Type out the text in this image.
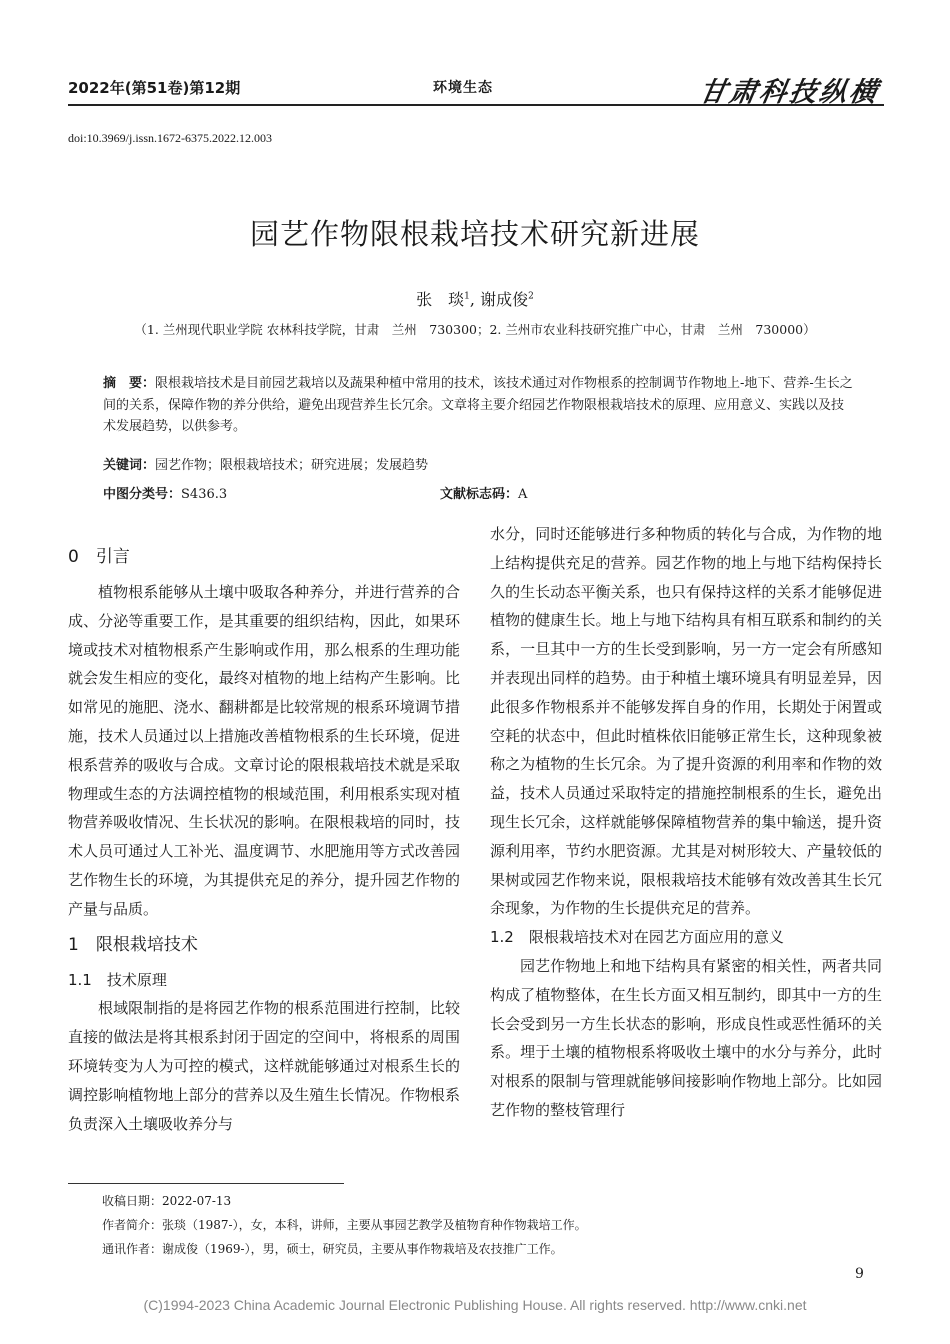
2022年(第51卷)第12期	环境生态	甘肃科技纵横
doi:10.3969/j.issn.1672-6375.2022.12.003
园艺作物限根栽培技术研究新进展
张　琰$^1$, 谢成俊$^2$
（1. 兰州现代职业学院 农林科技学院，甘肃　兰州　730300；2. 兰州市农业科技研究推广中心，甘肃　兰州　730000）
摘　要：限根栽培技术是目前园艺栽培以及蔬果种植中常用的技术，该技术通过对作物根系的控制调节作物地上-地下、营养-生长之间的关系，保障作物的养分供给，避免出现营养生长冗余。文章将主要介绍园艺作物限根栽培技术的原理、应用意义、实践以及技术发展趋势，以供参考。
关键词：园艺作物；限根栽培技术；研究进展；发展趋势
中图分类号：S436.3	文献标志码：A

0　引言

植物根系能够从土壤中吸取各种养分，并进行营养的合成、分泌等重要工作，是其重要的组织结构，因此，如果环境或技术对植物根系产生影响或作用，那么根系的生理功能就会发生相应的变化，最终对植物的地上结构产生影响。比如常见的施肥、浇水、翻耕都是比较常规的根系环境调节措施，技术人员通过以上措施改善植物根系的生长环境，促进根系营养的吸收与合成。文章讨论的限根栽培技术就是采取物理或生态的方法调控植物的根域范围，利用根系实现对植物营养吸收情况、生长状况的影响。在限根栽培的同时，技术人员可通过人工补光、温度调节、水肥施用等方式改善园艺作物生长的环境，为其提供充足的养分，提升园艺作物的产量与品质。

1　限根栽培技术

1.1　技术原理

根域限制指的是将园艺作物的根系范围进行控制，比较直接的做法是将其根系封闭于固定的空间中，将根系的周围环境转变为人为可控的模式，这样就能够通过对根系生长的调控影响植物地上部分的营养以及生殖生长情况。作物根系负责深入土壤吸收养分与

水分，同时还能够进行多种物质的转化与合成，为作物的地上结构提供充足的营养。园艺作物的地上与地下结构保持长久的生长动态平衡关系，也只有保持这样的关系才能够促进植物的健康生长。地上与地下结构具有相互联系和制约的关系，一旦其中一方的生长受到影响，另一方一定会有所感知并表现出同样的趋势。由于种植土壤环境具有明显差异，因此很多作物根系并不能够发挥自身的作用，长期处于闲置或空耗的状态中，但此时植株依旧能够正常生长，这种现象被称之为植物的生长冗余。为了提升资源的利用率和作物的效益，技术人员通过采取特定的措施控制根系的生长，避免出现生长冗余，这样就能够保障植物营养的集中输送，提升资源利用率，节约水肥资源。尤其是对树形较大、产量较低的果树或园艺作物来说，限根栽培技术能够有效改善其生长冗余现象，为作物的生长提供充足的营养。

1.2　限根栽培技术对在园艺方面应用的意义

园艺作物地上和地下结构具有紧密的相关性，两者共同构成了植物整体，在生长方面又相互制约，即其中一方的生长会受到另一方生长状态的影响，形成良性或恶性循环的关系。埋于土壤的植物根系将吸收土壤中的水分与养分，此时对根系的限制与管理就能够间接影响作物地上部分。比如园艺作物的整枝管理行

收稿日期：2022-07-13
作者简介：张琰（1987-），女，本科，讲师，主要从事园艺教学及植物育种作物栽培工作。
通讯作者：谢成俊（1969-），男，硕士，研究员，主要从事作物栽培及农技推广工作。
9
(C)1994-2023 China Academic Journal Electronic Publishing House. All rights reserved. http://www.cnki.net
